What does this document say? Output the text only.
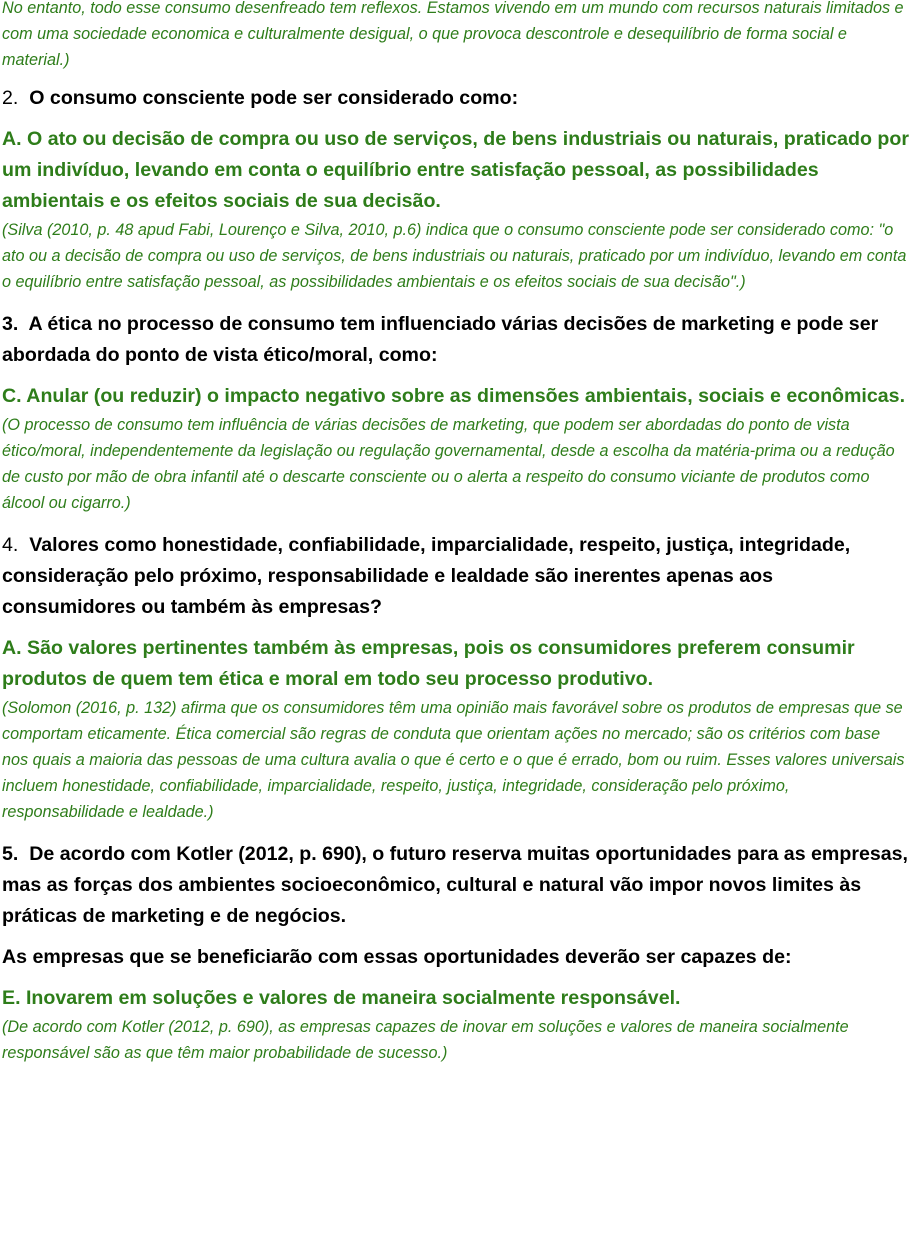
No entanto, todo esse consumo desenfreado tem reflexos. Estamos vivendo em um mundo com recursos naturais limitados e com uma sociedade economica e culturalmente desigual, o que provoca descontrole e desequilíbrio de forma social e material.)

2. O consumo consciente pode ser considerado como:

A. O ato ou decisão de compra ou uso de serviços, de bens industriais ou naturais, praticado por um indivíduo, levando em conta o equilíbrio entre satisfação pessoal, as possibilidades ambientais e os efeitos sociais de sua decisão.

(Silva (2010, p. 48 apud Fabi, Lourenço e Silva, 2010, p.6) indica que o consumo consciente pode ser considerado como: "o ato ou a decisão de compra ou uso de serviços, de bens industriais ou naturais, praticado por um indivíduo, levando em conta o equilíbrio entre satisfação pessoal, as possibilidades ambientais e os efeitos sociais de sua decisão".)

3. A ética no processo de consumo tem influenciado várias decisões de marketing e pode ser abordada do ponto de vista ético/moral, como:

C. Anular (ou reduzir) o impacto negativo sobre as dimensões ambientais, sociais e econômicas.

(O processo de consumo tem influência de várias decisões de marketing, que podem ser abordadas do ponto de vista ético/moral, independentemente da legislação ou regulação governamental, desde a escolha da matéria-prima ou a redução de custo por mão de obra infantil até o descarte consciente ou o alerta a respeito do consumo viciante de produtos como álcool ou cigarro.)

4. Valores como honestidade, confiabilidade, imparcialidade, respeito, justiça, integridade, consideração pelo próximo, responsabilidade e lealdade são inerentes apenas aos consumidores ou também às empresas?

A. São valores pertinentes também às empresas, pois os consumidores preferem consumir produtos de quem tem ética e moral em todo seu processo produtivo.

(Solomon (2016, p. 132) afirma que os consumidores têm uma opinião mais favorável sobre os produtos de empresas que se comportam eticamente. Ética comercial são regras de conduta que orientam ações no mercado; são os critérios com base nos quais a maioria das pessoas de uma cultura avalia o que é certo e o que é errado, bom ou ruim. Esses valores universais incluem honestidade, confiabilidade, imparcialidade, respeito, justiça, integridade, consideração pelo próximo, responsabilidade e lealdade.)

5. De acordo com Kotler (2012, p. 690), o futuro reserva muitas oportunidades para as empresas, mas as forças dos ambientes socioeconômico, cultural e natural vão impor novos limites às práticas de marketing e de negócios.

As empresas que se beneficiarão com essas oportunidades deverão ser capazes de:

E. Inovarem em soluções e valores de maneira socialmente responsável.

(De acordo com Kotler (2012, p. 690), as empresas capazes de inovar em soluções e valores de maneira socialmente responsável são as que têm maior probabilidade de sucesso.)
